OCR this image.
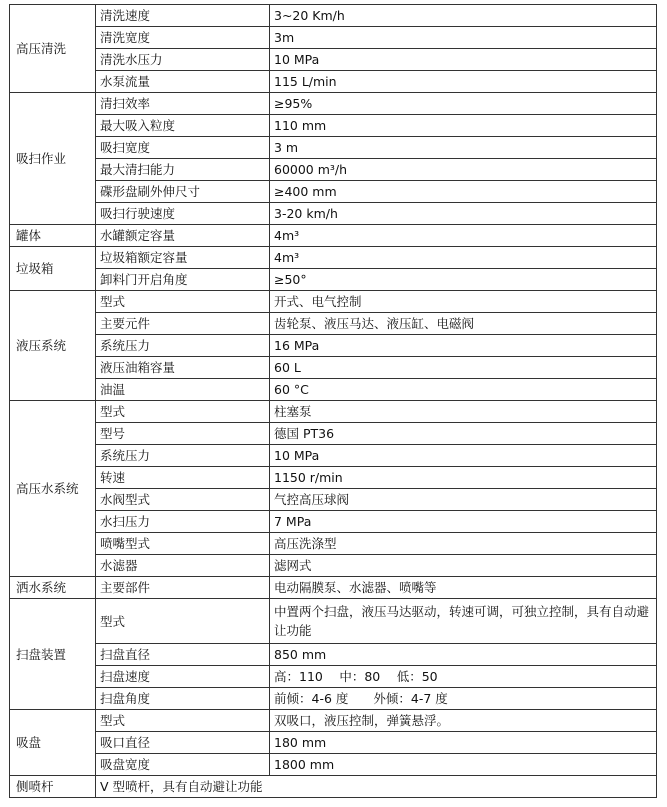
高压清洗	清洗速度	3~20 Km/h
	清洗宽度	3m
	清洗水压力	10 MPa
	水泵流量	115 L/min
吸扫作业	清扫效率	≥95%
	最大吸入粒度	110 mm
	吸扫宽度	3 m
	最大清扫能力	60000 m³/h
	碟形盘刷外伸尺寸	≥400 mm
	吸扫行驶速度	3-20 km/h
罐体	水罐额定容量	4m³
垃圾箱	垃圾箱额定容量	4m³
	卸料门开启角度	≥50°
液压系统	型式	开式、电气控制
	主要元件	齿轮泵、液压马达、液压缸、电磁阀
	系统压力	16 MPa
	液压油箱容量	60 L
	油温	60 °C
高压水系统	型式	柱塞泵
	型号	德国 PT36
	系统压力	10 MPa
	转速	1150 r/min
	水阀型式	气控高压球阀
	水扫压力	7 MPa
	喷嘴型式	高压洗涤型
	水滤器	滤网式
洒水系统	主要部件	电动隔膜泵、水滤器、喷嘴等
扫盘装置	型式	中置两个扫盘，液压马达驱动，转速可调，可独立控制，具有自动避让功能
	扫盘直径	850 mm
	扫盘速度	高：110　 中：80　 低：50
	扫盘角度	前倾：4-6 度　　外倾：4-7 度
吸盘	型式	双吸口，液压控制，弹簧悬浮。
	吸口直径	180 mm
	吸盘宽度	1800 mm
侧喷杆	V 型喷杆，具有自动避让功能	
